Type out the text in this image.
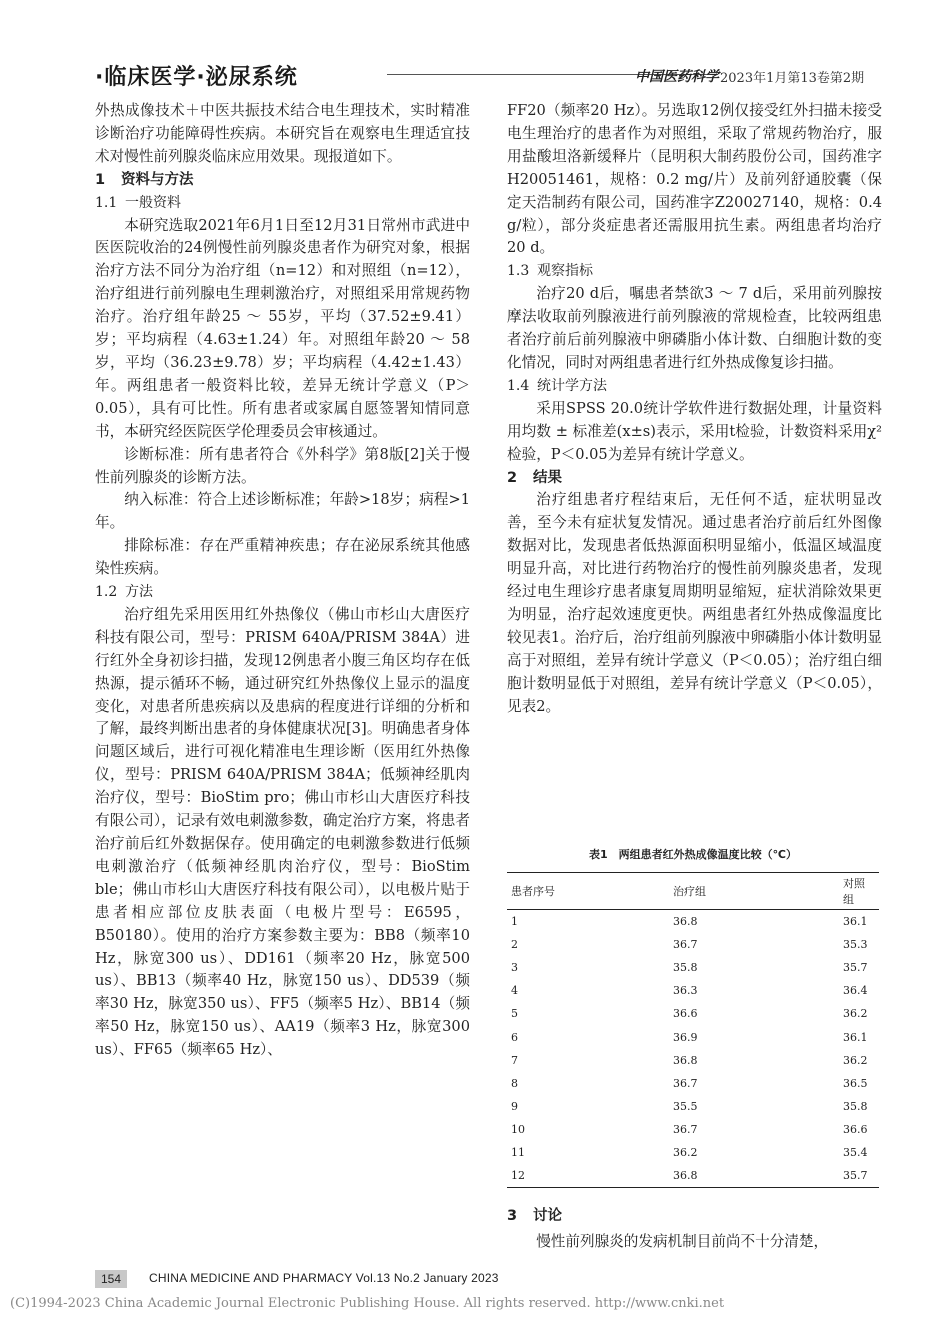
·临床医学·泌尿系统	中国医药科学 2023年1月第13卷第2期

外热成像技术＋中医共振技术结合电生理技术，实时精准诊断治疗功能障碍性疾病。本研究旨在观察电生理适宜技术对慢性前列腺炎临床应用效果。现报道如下。

1 资料与方法

1.1 一般资料

本研究选取2021年6月1日至12月31日常州市武进中医医院收治的24例慢性前列腺炎患者作为研究对象，根据治疗方法不同分为治疗组（n=12）和对照组（n=12），治疗组进行前列腺电生理刺激治疗，对照组采用常规药物治疗。治疗组年龄25 ～ 55岁，平均（37.52±9.41）岁；平均病程（4.63±1.24）年。对照组年龄20 ～ 58岁，平均（36.23±9.78）岁；平均病程（4.42±1.43）年。两组患者一般资料比较，差异无统计学意义（P＞0.05），具有可比性。所有患者或家属自愿签署知情同意书，本研究经医院医学伦理委员会审核通过。

诊断标准：所有患者符合《外科学》第8版[2]关于慢性前列腺炎的诊断方法。

纳入标准：符合上述诊断标准；年龄>18岁；病程>1年。

排除标准：存在严重精神疾患；存在泌尿系统其他感染性疾病。

1.2 方法

治疗组先采用医用红外热像仪（佛山市杉山大唐医疗科技有限公司，型号：PRISM 640A/PRISM 384A）进行红外全身初诊扫描，发现12例患者小腹三角区均存在低热源，提示循环不畅，通过研究红外热像仪上显示的温度变化，对患者所患疾病以及患病的程度进行详细的分析和了解，最终判断出患者的身体健康状况[3]。明确患者身体问题区域后，进行可视化精准电生理诊断（医用红外热像仪，型号：PRISM 640A/PRISM 384A；低频神经肌肉治疗仪，型号：BioStim pro；佛山市杉山大唐医疗科技有限公司），记录有效电刺激参数，确定治疗方案，将患者治疗前后红外数据保存。使用确定的电刺激参数进行低频电刺激治疗（低频神经肌肉治疗仪，型号：BioStim ble；佛山市杉山大唐医疗科技有限公司），以电极片贴于患者相应部位皮肤表面（电极片型号：E6595，B50180）。使用的治疗方案参数主要为：BB8（频率10 Hz，脉宽300 us）、DD161（频率20 Hz，脉宽500 us）、BB13（频率40 Hz，脉宽150 us）、DD539（频率30 Hz，脉宽350 us）、FF5（频率5 Hz）、BB14（频率50 Hz，脉宽150 us）、AA19（频率3 Hz，脉宽300 us）、FF65（频率65 Hz）、

FF20（频率20 Hz）。另选取12例仅接受红外扫描未接受电生理治疗的患者作为对照组，采取了常规药物治疗，服用盐酸坦洛新缓释片（昆明积大制药股份公司，国药准字H20051461，规格：0.2 mg/片）及前列舒通胶囊（保定天浩制药有限公司，国药准字Z20027140，规格：0.4 g/粒），部分炎症患者还需服用抗生素。两组患者均治疗20 d。

1.3 观察指标

治疗20 d后，嘱患者禁欲3 ～ 7 d后，采用前列腺按摩法收取前列腺液进行前列腺液的常规检查，比较两组患者治疗前后前列腺液中卵磷脂小体计数、白细胞计数的变化情况，同时对两组患者进行红外热成像复诊扫描。

1.4 统计学方法

采用SPSS 20.0统计学软件进行数据处理，计量资料用均数 ± 标准差(x±s)表示，采用t检验，计数资料采用χ²检验，P＜0.05为差异有统计学意义。

2 结果

治疗组患者疗程结束后，无任何不适，症状明显改善，至今未有症状复发情况。通过患者治疗前后红外图像数据对比，发现患者低热源面积明显缩小，低温区域温度明显升高，对比进行药物治疗的慢性前列腺炎患者，发现经过电生理诊疗患者康复周期明显缩短，症状消除效果更为明显，治疗起效速度更快。两组患者红外热成像温度比较见表1。治疗后，治疗组前列腺液中卵磷脂小体计数明显高于对照组，差异有统计学意义（P＜0.05）；治疗组白细胞计数明显低于对照组，差异有统计学意义（P＜0.05），见表2。

表1　两组患者红外热成像温度比较（℃）
患者序号	治疗组	对照组
1	36.8	36.1
2	36.7	35.3
3	35.8	35.7
4	36.3	36.4
5	36.6	36.2
6	36.9	36.1
7	36.8	36.2
8	36.7	36.5
9	35.5	35.8
10	36.7	36.6
11	36.2	35.4
12	36.8	35.7

3 讨论

慢性前列腺炎的发病机制目前尚不十分清楚，

154	CHINA MEDICINE AND PHARMACY Vol.13 No.2 January 2023
(C)1994-2023 China Academic Journal Electronic Publishing House. All rights reserved. http://www.cnki.net
